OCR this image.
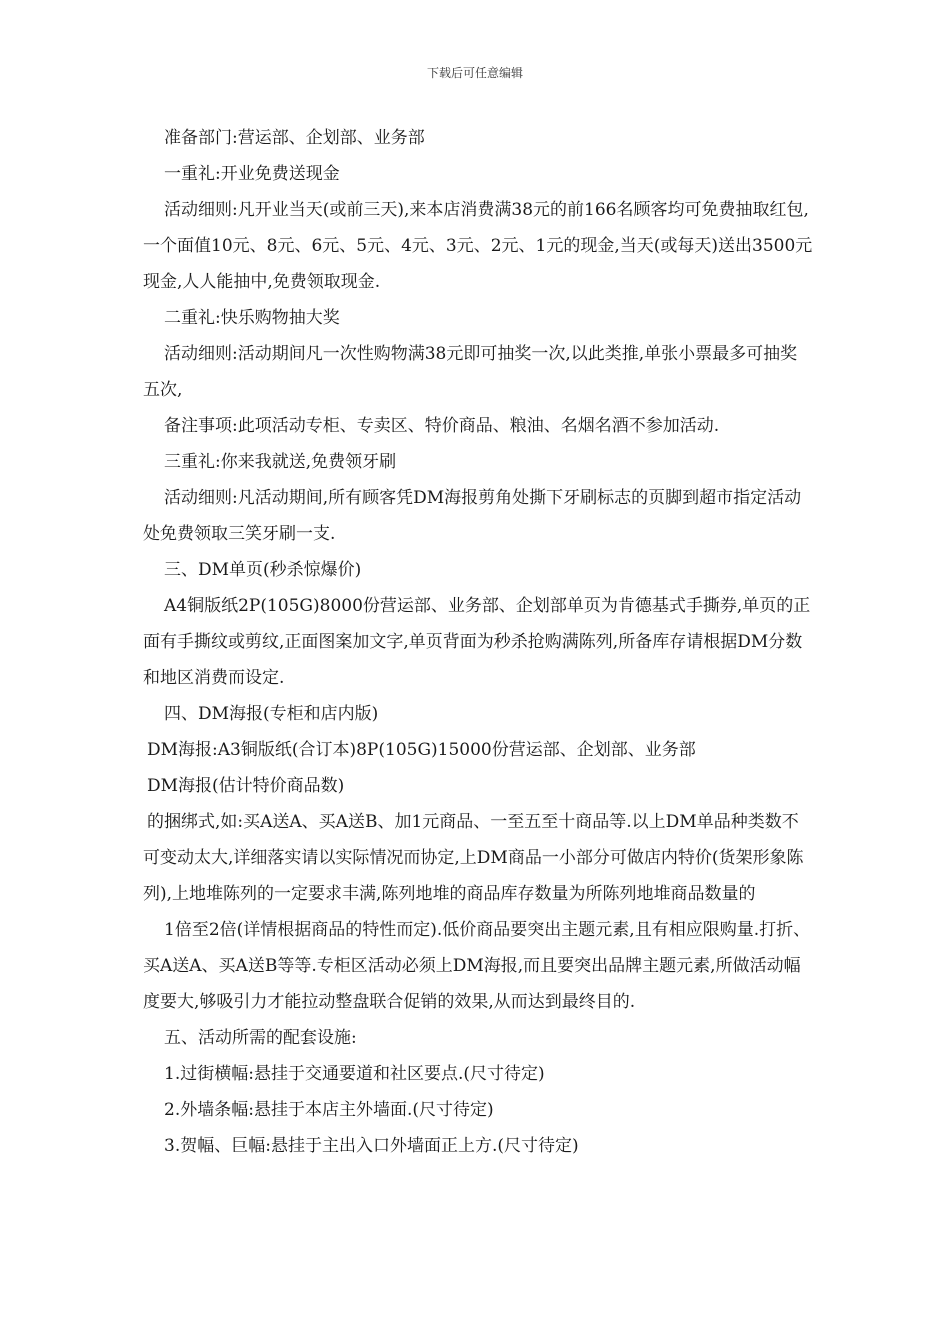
下载后可任意编辑

准备部门:营运部、企划部、业务部

一重礼:开业免费送现金

活动细则:凡开业当天(或前三天),来本店消费满38元的前166名顾客均可免费抽取红包,一个面值10元、8元、6元、5元、4元、3元、2元、1元的现金,当天(或每天)送出3500元现金,人人能抽中,免费领取现金.

二重礼:快乐购物抽大奖

活动细则:活动期间凡一次性购物满38元即可抽奖一次,以此类推,单张小票最多可抽奖五次,

备注事项:此项活动专柜、专卖区、特价商品、粮油、名烟名酒不参加活动.

三重礼:你来我就送,免费领牙刷

活动细则:凡活动期间,所有顾客凭DM海报剪角处撕下牙刷标志的页脚到超市指定活动处免费领取三笑牙刷一支.

三、DM单页(秒杀惊爆价)

A4铜版纸2P(105G)8000份营运部、业务部、企划部单页为肯德基式手撕券,单页的正面有手撕纹或剪纹,正面图案加文字,单页背面为秒杀抢购满陈列,所备库存请根据DM分数和地区消费而设定.

四、DM海报(专柜和店内版)

DM海报:A3铜版纸(合订本)8P(105G)15000份营运部、企划部、业务部

DM海报(估计特价商品数)

的捆绑式,如:买A送A、买A送B、加1元商品、一至五至十商品等.以上DM单品种类数不可变动太大,详细落实请以实际情况而协定,上DM商品一小部分可做店内特价(货架形象陈列),上地堆陈列的一定要求丰满,陈列地堆的商品库存数量为所陈列地堆商品数量的

1倍至2倍(详情根据商品的特性而定).低价商品要突出主题元素,且有相应限购量.打折、买A送A、买A送B等等.专柜区活动必须上DM海报,而且要突出品牌主题元素,所做活动幅度要大,够吸引力才能拉动整盘联合促销的效果,从而达到最终目的.

五、活动所需的配套设施:

1.过街横幅:悬挂于交通要道和社区要点.(尺寸待定)

2.外墙条幅:悬挂于本店主外墙面.(尺寸待定)

3.贺幅、巨幅:悬挂于主出入口外墙面正上方.(尺寸待定)
